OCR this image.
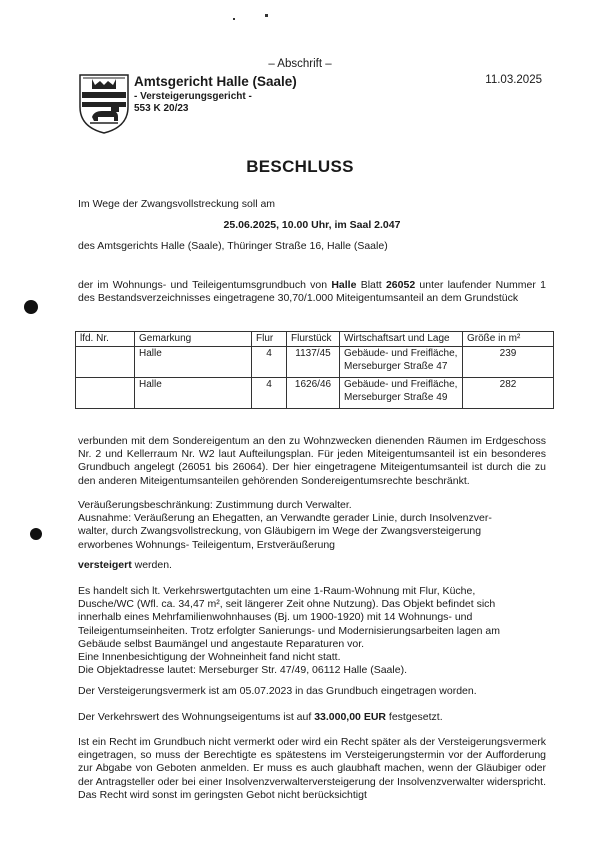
– Abschrift –
Amtsgericht Halle (Saale)
- Versteigerungsgericht -
553 K 20/23
11.03.2025
BESCHLUSS

Im Wege der Zwangsvollstreckung soll am

25.06.2025, 10.00 Uhr, im Saal 2.047

des Amtsgerichts Halle (Saale), Thüringer Straße 16, Halle (Saale)

der im Wohnungs- und Teileigentumsgrundbuch von Halle Blatt 26052 unter laufender Nummer 1 des Bestandsverzeichnisses eingetragene 30,70/1.000 Miteigentumsanteil an dem Grundstück

lfd. Nr.	Gemarkung	Flur	Flurstück	Wirtschaftsart und Lage	Größe in m²
	Halle	4	1137/45	Gebäude- und Freifläche,
Merseburger Straße 47	239
	Halle	4	1626/46	Gebäude- und Freifläche,
Merseburger Straße 49	282

verbunden mit dem Sondereigentum an den zu Wohnzwecken dienenden Räumen im Erdgeschoss Nr. 2 und Kellerraum Nr. W2 laut Aufteilungsplan. Für jeden Miteigentumsanteil ist ein besonderes Grundbuch angelegt (26051 bis 26064). Der hier eingetragene Miteigentumsanteil ist durch die zu den anderen Miteigentumsanteilen gehörenden Sondereigentumsrechte beschränkt.

Veräußerungsbeschränkung: Zustimmung durch Verwalter.
Ausnahme: Veräußerung an Ehegatten, an Verwandte gerader Linie, durch Insolvenzver-
walter, durch Zwangsvollstreckung, von Gläubigern im Wege der Zwangsversteigerung
erworbenes Wohnungs- Teileigentum, Erstveräußerung

versteigert werden.

Es handelt sich lt. Verkehrswertgutachten um eine 1-Raum-Wohnung mit Flur, Küche,
Dusche/WC (Wfl. ca. 34,47 m², seit längerer Zeit ohne Nutzung). Das Objekt befindet sich
innerhalb eines Mehrfamilienwohnhauses (Bj. um 1900-1920) mit 14 Wohnungs- und
Teileigentumseinheiten. Trotz erfolgter Sanierungs- und Modernisierungsarbeiten lagen am
Gebäude selbst Baumängel und angestaute Reparaturen vor.
Eine Innenbesichtigung der Wohneinheit fand nicht statt.
Die Objektadresse lautet: Merseburger Str. 47/49, 06112 Halle (Saale).

Der Versteigerungsvermerk ist am 05.07.2023 in das Grundbuch eingetragen worden.

Der Verkehrswert des Wohnungseigentums ist auf 33.000,00 EUR festgesetzt.

Ist ein Recht im Grundbuch nicht vermerkt oder wird ein Recht später als der Versteigerungsvermerk eingetragen, so muss der Berechtigte es spätestens im Versteigerungstermin vor der Aufforderung zur Abgabe von Geboten anmelden. Er muss es auch glaubhaft machen, wenn der Gläubiger oder der Antragsteller oder bei einer Insolvenzverwalterversteigerung der Insolvenzverwalter widerspricht. Das Recht wird sonst im geringsten Gebot nicht berücksichtigt
